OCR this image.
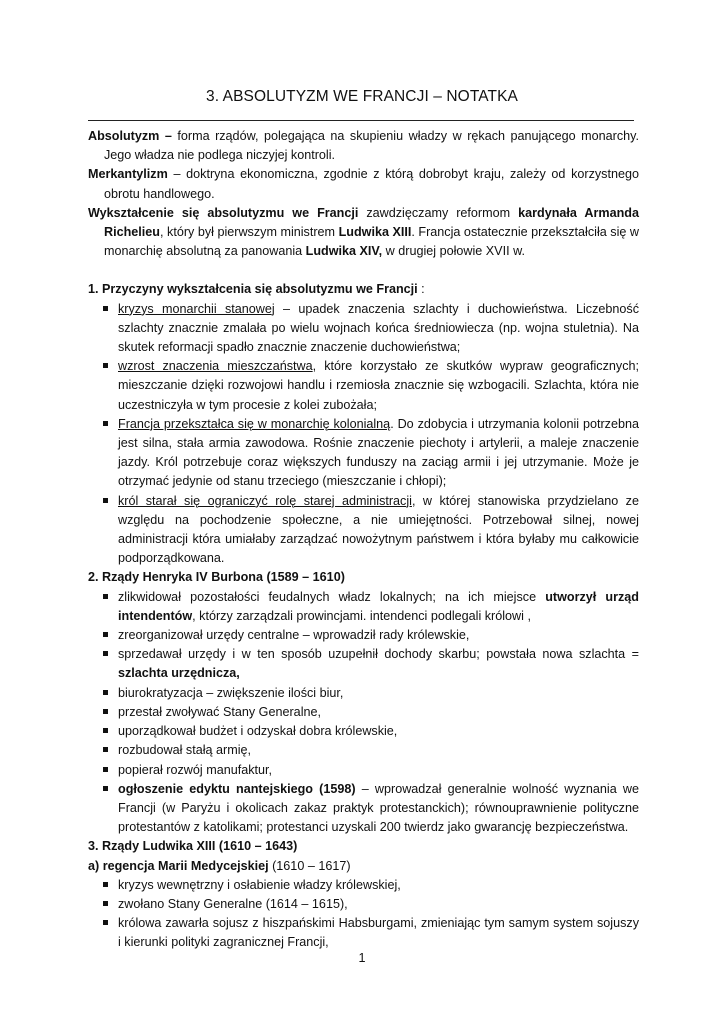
3. ABSOLUTYZM WE FRANCJI – NOTATKA

Absolutyzm – forma rządów, polegająca na skupieniu władzy w rękach panującego monarchy. Jego władza nie podlega niczyjej kontroli.

Merkantylizm – doktryna ekonomiczna, zgodnie z którą dobrobyt kraju, zależy od korzystnego obrotu handlowego.

Wykształcenie się absolutyzmu we Francji zawdzięczamy reformom kardynała Armanda Richelieu, który był pierwszym ministrem Ludwika XIII. Francja ostatecznie przekształciła się w monarchię absolutną za panowania Ludwika XIV, w drugiej połowie XVII w.

1. Przyczyny wykształcenia się absolutyzmu we Francji :

kryzys monarchii stanowej – upadek znaczenia szlachty i duchowieństwa. Liczebność szlachty znacznie zmalała po wielu wojnach końca średniowiecza (np. wojna stuletnia). Na skutek reformacji spadło znacznie znaczenie duchowieństwa;
wzrost znaczenia mieszczaństwa, które korzystało ze skutków wypraw geograficznych; mieszczanie dzięki rozwojowi handlu i rzemiosła znacznie się wzbogacili. Szlachta, która nie uczestniczyła w tym procesie z kolei zubożała;
Francja przekształca się w monarchię kolonialną. Do zdobycia i utrzymania kolonii potrzebna jest silna, stała armia zawodowa. Rośnie znaczenie piechoty i artylerii, a maleje znaczenie jazdy. Król potrzebuje coraz większych funduszy na zaciąg armii i jej utrzymanie. Może je otrzymać jedynie od stanu trzeciego (mieszczanie i chłopi);
król starał się ograniczyć rolę starej administracji, w której stanowiska przydzielano ze względu na pochodzenie społeczne, a nie umiejętności. Potrzebował silnej, nowej administracji która umiałaby zarządzać nowożytnym państwem i która byłaby mu całkowicie podporządkowana.

2. Rządy Henryka IV Burbona (1589 – 1610)

zlikwidował pozostałości feudalnych władz lokalnych; na ich miejsce utworzył urząd intendentów, którzy zarządzali prowincjami. intendenci podlegali królowi ,
zreorganizował urzędy centralne – wprowadził rady królewskie,
sprzedawał urzędy i w ten sposób uzupełnił dochody skarbu; powstała nowa szlachta = szlachta urzędnicza,
biurokratyzacja – zwiększenie ilości biur,
przestał zwoływać Stany Generalne,
uporządkował budżet i odzyskał dobra królewskie,
rozbudował stałą armię,
popierał rozwój manufaktur,
ogłoszenie edyktu nantejskiego (1598) – wprowadzał generalnie wolność wyznania we Francji (w Paryżu i okolicach zakaz praktyk protestanckich); równouprawnienie polityczne protestantów z katolikami; protestanci uzyskali 200 twierdz jako gwarancję bezpieczeństwa.

3. Rządy Ludwika XIII (1610 – 1643)

a) regencja Marii Medycejskiej (1610 – 1617)

kryzys wewnętrzny i osłabienie władzy królewskiej,
zwołano Stany Generalne (1614 – 1615),
królowa zawarła sojusz z hiszpańskimi Habsburgami, zmieniając tym samym system sojuszy i kierunki polityki zagranicznej Francji,
1
